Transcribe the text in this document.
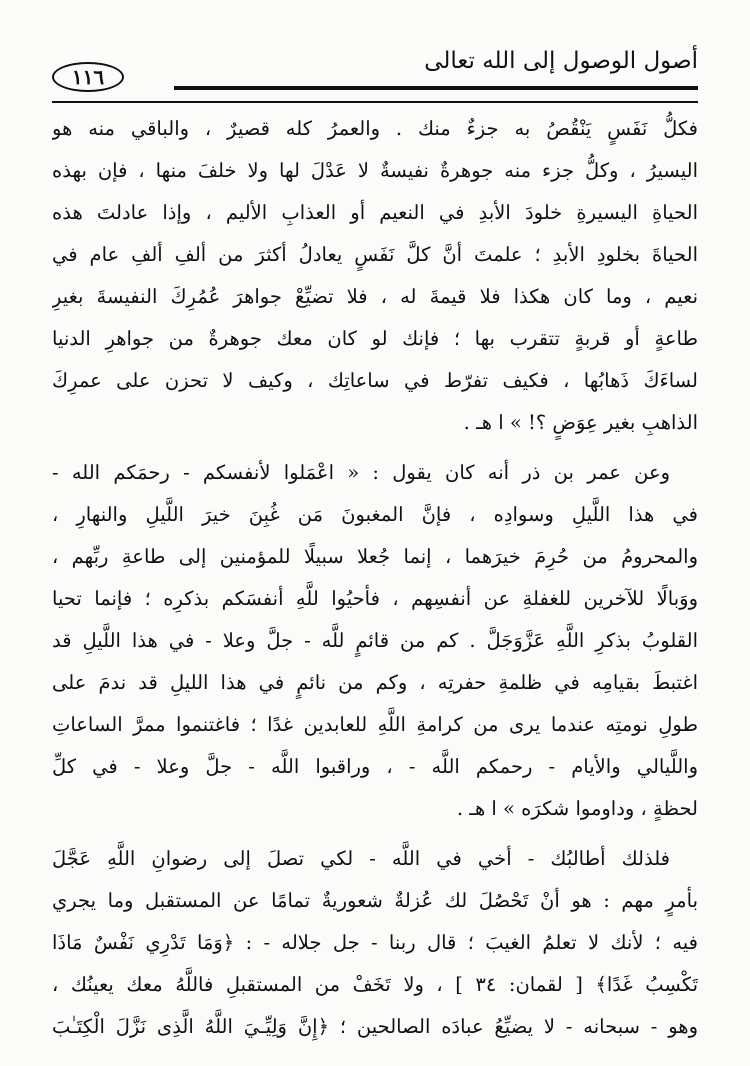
١١٦
أصول الوصول إلى الله تعالى
فكلُّ نَفَسٍ يَنْقُصُ به جزءٌ منك . والعمرُ كله قصيرٌ ، والباقي منه هو
اليسيرُ ، وكلُّ جزء منه جوهرةٌ نفيسةٌ لا عَدْلَ لها ولا خلفَ منها ، فإن بهذه
الحياةِ اليسيرةِ خلودَ الأبدِ في النعيم أو العذابِ الأليم ، وإذا عادلتَ هذه
الحياةَ بخلودِ الأبدِ ؛ علمتَ أنَّ كلَّ نَفَسٍ يعادلُ أكثرَ من ألفِ ألفِ عام في
نعيم ، وما كان هكذا فلا قيمةَ له ، فلا تضيِّعْ جواهرَ عُمُرِكَ النفيسةَ بغيرِ
طاعةٍ أو قربةٍ تتقرب بها ؛ فإنك لو كان معك جوهرةٌ من جواهرِ الدنيا
لساءَكَ ذَهابُها ، فكيف تفرّط في ساعاتِك ، وكيف لا تحزن على عمرِكَ
الذاهبِ بغير عِوَضٍ ؟! » ا هـ .
وعن عمر بن ذر أنه كان يقول : « اعْمَلوا لأنفسكم - رحمَكم الله -
في هذا اللَّيلِ وسوادِه ، فإنَّ المغبونَ مَن غُبِنَ خيرَ اللَّيلِ والنهارِ ،
والمحرومُ من حُرِمَ خيرَهما ، إنما جُعلا سبيلًا للمؤمنين إلى طاعةِ ربِّهم ،
ووَبالًا للآخرين للغفلةِ عن أنفسِهم ، فأحيُوا للَّهِ أنفسَكم بذكرِه ؛ فإنما تحيا
القلوبُ بذكرِ اللَّهِ عَزَّوَجَلَّ . كم من قائمٍ للَّه - جلَّ وعلا - في هذا اللَّيلِ قد
اغتبطَ بقيامِه في ظلمةِ حفرتِه ، وكم من نائمٍ في هذا الليلِ قد ندمَ على
طولِ نومتِه عندما يرى من كرامةِ اللَّهِ للعابدين غدًا ؛ فاغتنموا ممرَّ الساعاتِ
واللَّيالي والأيام - رحمكم اللَّه - ، وراقبوا اللَّه - جلَّ وعلا - في كلِّ
لحظةٍ ، وداوموا شكرَه » ا هـ .
فلذلك أطالبُك - أخي في اللَّه - لكي تصلَ إلى رضوانِ اللَّهِ عَجَّلَ
بأمرٍ مهم : هو أنْ تَحْصُلَ لك عُزلةٌ شعوريةٌ تمامًا عن المستقبل وما يجري
فيه ؛ لأنك لا تعلمُ الغيبَ ؛ قال ربنا - جل جلاله - : ﴿وَمَا تَدْرِي نَفْسٌ مَاذَا
تَكْسِبُ غَدًا﴾ [ لقمان: ٣٤ ] ، ولا تَخَفْ من المستقبلِ فاللَّهُ معك يعينُك ،
وهو - سبحانه - لا يضيِّعُ عبادَه الصالحين ؛ ﴿إِنَّ وَلِيِّـيَ اللَّهُ الَّذِى نَزَّلَ الْكِتَـٰبَ
